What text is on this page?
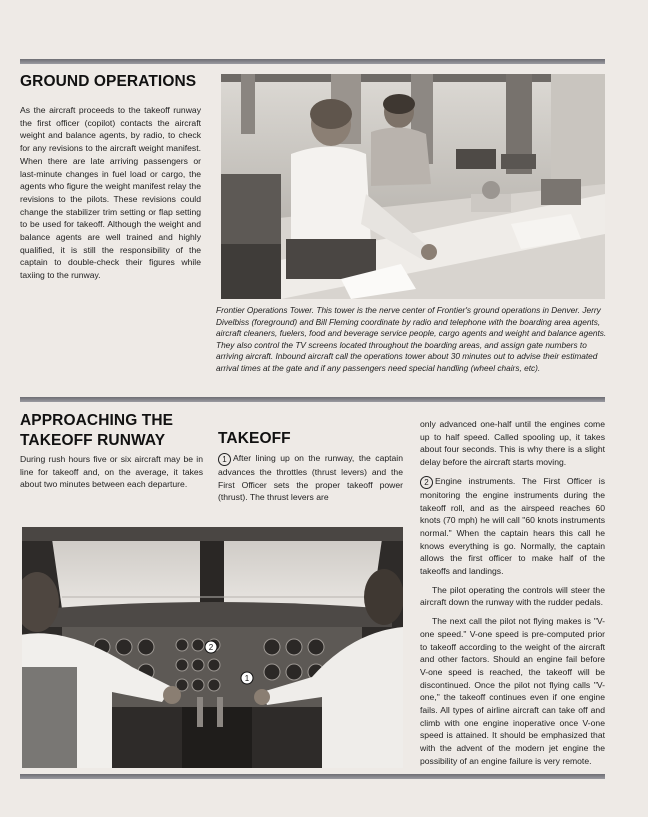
GROUND OPERATIONS

As the aircraft proceeds to the takeoff runway the first officer (copilot) contacts the aircraft weight and balance agents, by radio, to check for any revisions to the aircraft weight manifest. When there are late arriving passengers or last-minute changes in fuel load or cargo, the agents who figure the weight manifest relay the revisions to the pilots. These revisions could change the stabilizer trim setting or flap setting to be used for takeoff. Although the weight and balance agents are well trained and highly qualified, it is still the responsibility of the captain to double-check their figures while taxiing to the runway.

Frontier Operations Tower. This tower is the nerve center of Frontier's ground operations in Denver. Jerry Divelbiss (foreground) and Bill Fleming coordinate by radio and telephone with the boarding area agents, aircraft cleaners, fuelers, food and beverage service people, cargo agents and weight and balance agents. They also control the TV screens located throughout the boarding areas, and assign gate numbers to arriving aircraft. Inbound aircraft call the operations tower about 30 minutes out to advise their estimated arrival times at the gate and if any passengers need special handling (wheel chairs, etc).

APPROACHING THE
TAKEOFF RUNWAY

During rush hours five or six aircraft may be in line for takeoff and, on the average, it takes about two minutes between each departure.

TAKEOFF

1 After lining up on the runway, the captain advances the throttles (thrust levers) and the First Officer sets the proper takeoff power (thrust). The thrust levers are

only advanced one-half until the engines come up to half speed. Called spooling up, it takes about four seconds. This is why there is a slight delay before the aircraft starts moving.

2 Engine instruments. The First Officer is monitoring the engine instruments during the takeoff roll, and as the airspeed reaches 60 knots (70 mph) he will call "60 knots instruments normal." When the captain hears this call he knows everything is go. Normally, the captain allows the first officer to make half of the takeoffs and landings.

The pilot operating the controls will steer the aircraft down the runway with the rudder pedals.

The next call the pilot not flying makes is "V-one speed." V-one speed is pre-computed prior to takeoff according to the weight of the aircraft and other factors. Should an engine fail before V-one speed is reached, the takeoff will be discontinued. Once the pilot not flying calls "V-one," the takeoff continues even if one engine fails. All types of airline aircraft can take off and climb with one engine inoperative once V-one speed is attained. It should be emphasized that with the advent of the modern jet engine the possibility of an engine failure is very remote.

2
1
